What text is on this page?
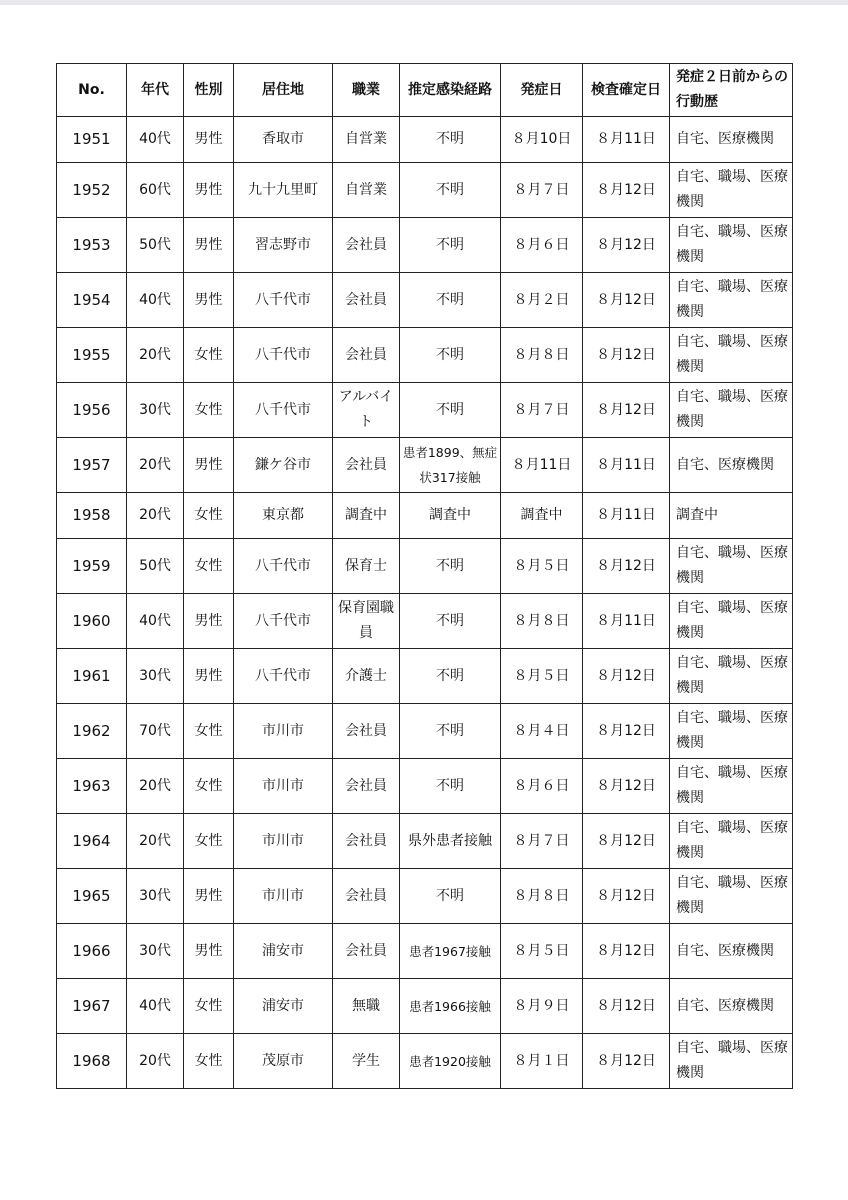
No.	年代	性別	居住地	職業	推定感染経路	発症日	検査確定日	発症２日前からの行動歴
1951	40代	男性	香取市	自営業	不明	８月10日	８月11日	自宅、医療機関
1952	60代	男性	九十九里町	自営業	不明	８月７日	８月12日	自宅、職場、医療機関
1953	50代	男性	習志野市	会社員	不明	８月６日	８月12日	自宅、職場、医療機関
1954	40代	男性	八千代市	会社員	不明	８月２日	８月12日	自宅、職場、医療機関
1955	20代	女性	八千代市	会社員	不明	８月８日	８月12日	自宅、職場、医療機関
1956	30代	女性	八千代市	アルバイト	不明	８月７日	８月12日	自宅、職場、医療機関
1957	20代	男性	鎌ケ谷市	会社員	患者1899、無症状317接触	８月11日	８月11日	自宅、医療機関
1958	20代	女性	東京都	調査中	調査中	調査中	８月11日	調査中
1959	50代	女性	八千代市	保育士	不明	８月５日	８月12日	自宅、職場、医療機関
1960	40代	男性	八千代市	保育園職員	不明	８月８日	８月11日	自宅、職場、医療機関
1961	30代	男性	八千代市	介護士	不明	８月５日	８月12日	自宅、職場、医療機関
1962	70代	女性	市川市	会社員	不明	８月４日	８月12日	自宅、職場、医療機関
1963	20代	女性	市川市	会社員	不明	８月６日	８月12日	自宅、職場、医療機関
1964	20代	女性	市川市	会社員	県外患者接触	８月７日	８月12日	自宅、職場、医療機関
1965	30代	男性	市川市	会社員	不明	８月８日	８月12日	自宅、職場、医療機関
1966	30代	男性	浦安市	会社員	患者1967接触	８月５日	８月12日	自宅、医療機関
1967	40代	女性	浦安市	無職	患者1966接触	８月９日	８月12日	自宅、医療機関
1968	20代	女性	茂原市	学生	患者1920接触	８月１日	８月12日	自宅、職場、医療機関
